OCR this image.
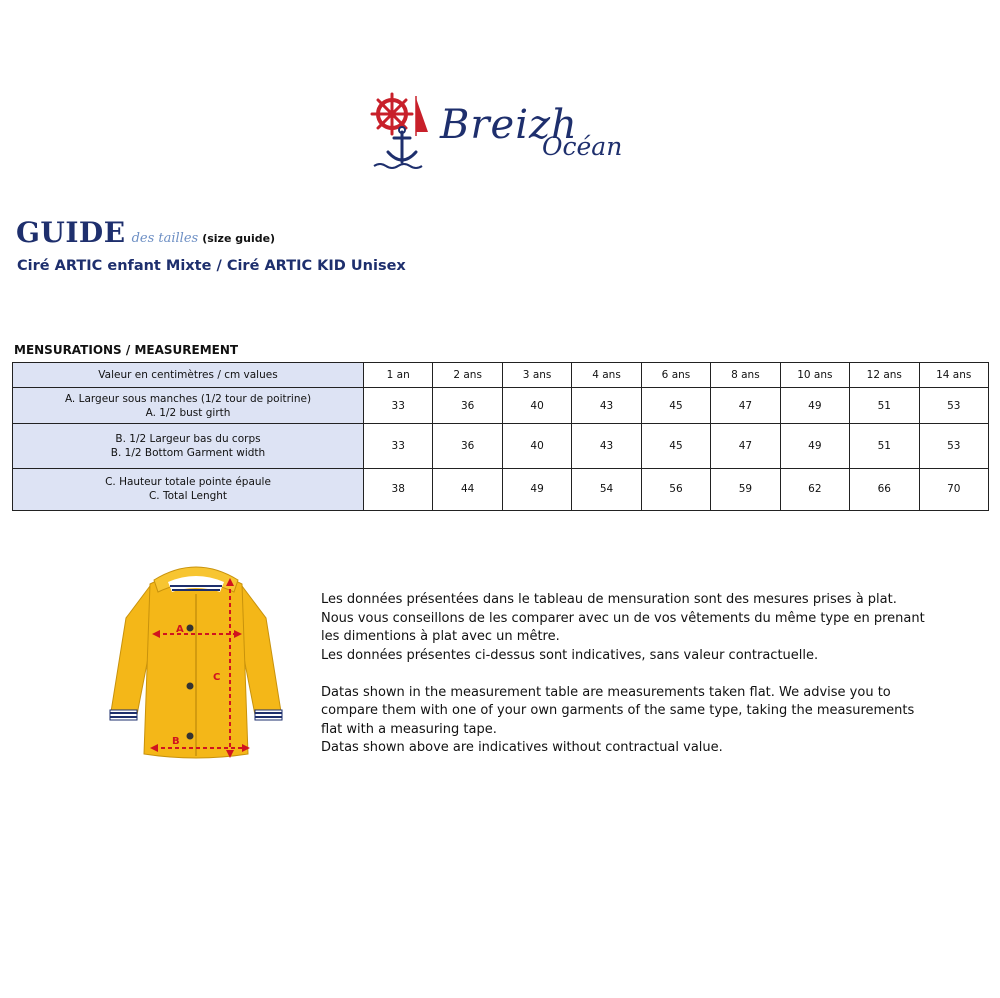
Breizh
Océan
GUIDE des tailles (size guide)
Ciré ARTIC enfant Mixte / Ciré ARTIC KID Unisex
MENSURATIONS / MEASUREMENT
Valeur en centimètres / cm values	1 an	2 ans	3 ans	4 ans	6 ans	8 ans	10 ans	12 ans	14 ans

A. Largeur sous manches (1/2 tour de poitrine)
A. 1/2 bust girth	33	36	40	43	45	47	49	51	53

B. 1/2 Largeur bas du corps
B. 1/2 Bottom Garment width	33	36	40	43	45	47	49	51	53

C. Hauteur totale pointe épaule
C. Total Lenght	38	44	49	54	56	59	62	66	70
A
B
C

Les données présentées dans le tableau de mensuration sont des mesures prises à plat.

Nous vous conseillons de les comparer avec un de vos vêtements du même type en prenant

les dimentions à plat avec un mêtre.

Les données présentes ci-dessus sont indicatives, sans valeur contractuelle.

Datas shown in the measurement table are measurements taken flat. We advise you to

compare them with one of your own garments of the same type, taking the measurements

flat with a measuring tape.

Datas shown above are indicatives without contractual value.
